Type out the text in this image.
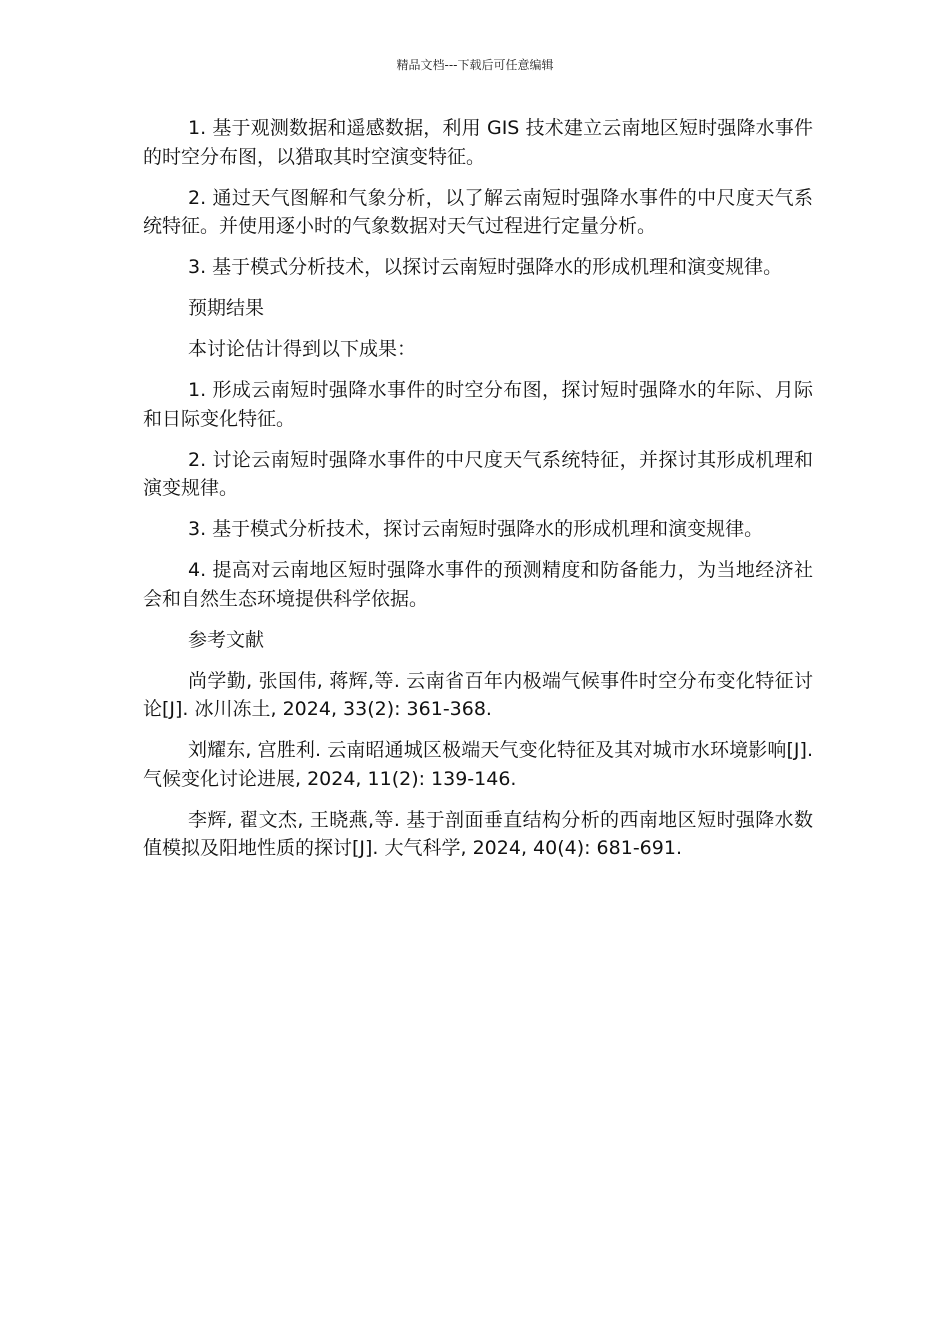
精品文档---下载后可任意编辑

1. 基于观测数据和遥感数据，利用 GIS 技术建立云南地区短时强降水事件的时空分布图，以猎取其时空演变特征。

2. 通过天气图解和气象分析，以了解云南短时强降水事件的中尺度天气系统特征。并使用逐小时的气象数据对天气过程进行定量分析。

3. 基于模式分析技术，以探讨云南短时强降水的形成机理和演变规律。

预期结果

本讨论估计得到以下成果：

1. 形成云南短时强降水事件的时空分布图，探讨短时强降水的年际、月际和日际变化特征。

2. 讨论云南短时强降水事件的中尺度天气系统特征，并探讨其形成机理和演变规律。

3. 基于模式分析技术，探讨云南短时强降水的形成机理和演变规律。

4. 提高对云南地区短时强降水事件的预测精度和防备能力，为当地经济社会和自然生态环境提供科学依据。

参考文献

尚学勤, 张国伟, 蒋辉,等. 云南省百年内极端气候事件时空分布变化特征讨论[J]. 冰川冻土, 2024, 33(2): 361-368.

刘耀东, 宫胜利. 云南昭通城区极端天气变化特征及其对城市水环境影响[J]. 气候变化讨论进展, 2024, 11(2): 139-146.

李辉, 翟文杰, 王晓燕,等. 基于剖面垂直结构分析的西南地区短时强降水数值模拟及阳地性质的探讨[J]. 大气科学, 2024, 40(4): 681-691.
